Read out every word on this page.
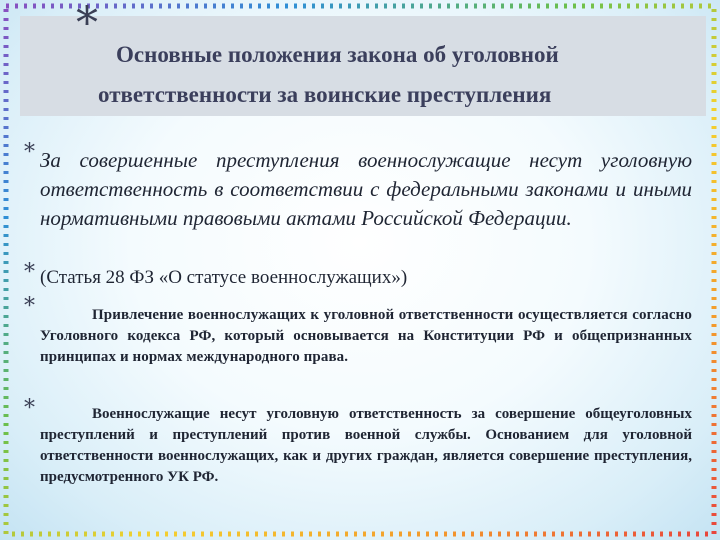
*
Основные положения закона об уголовной
ответственности за воинские преступления
* За совершенные преступления военнослужащие несут уголовную ответственность в соответствии с федеральными законами и иными нормативными правовыми актами Российской Федерации.
* (Статья 28 ФЗ «О статусе военнослужащих»)
*	Привлечение военнослужащих к уголовной ответственности осуществляется согласно Уголовного кодекса РФ, который основывается на Конституции РФ и общепризнанных принципах и нормах международного права.
*	Военнослужащие несут уголовную ответственность за совершение общеуголовных преступлений и преступлений против военной службы. Основанием для уголовной ответственности военнослужащих, как и других граждан, является совершение преступления, предусмотренного УК РФ.
